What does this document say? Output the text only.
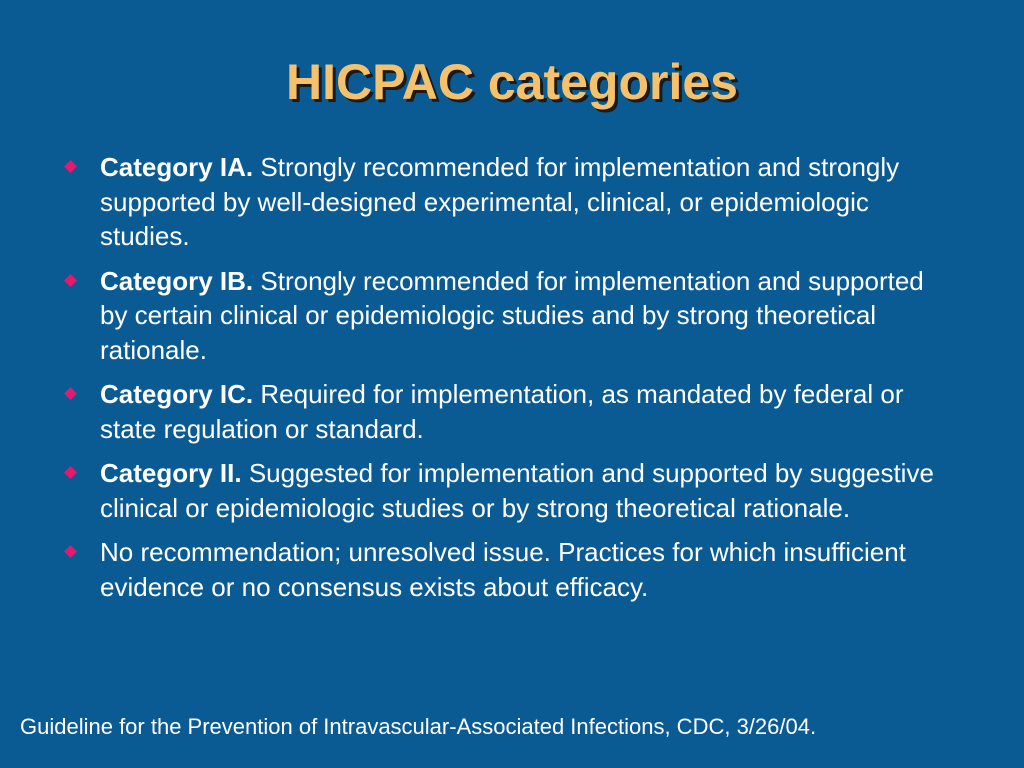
HICPAC categories
Category IA. Strongly recommended for implementation and strongly supported by well-designed experimental, clinical, or epidemiologic studies.
Category IB. Strongly recommended for implementation and supported by certain clinical or epidemiologic studies and by strong theoretical rationale.
Category IC. Required for implementation, as mandated by federal or state regulation or standard.
Category II. Suggested for implementation and supported by suggestive clinical or epidemiologic studies or by strong theoretical rationale.
No recommendation; unresolved issue. Practices for which insufficient evidence or no consensus exists about efficacy.
Guideline for the Prevention of Intravascular-Associated Infections, CDC, 3/26/04.
